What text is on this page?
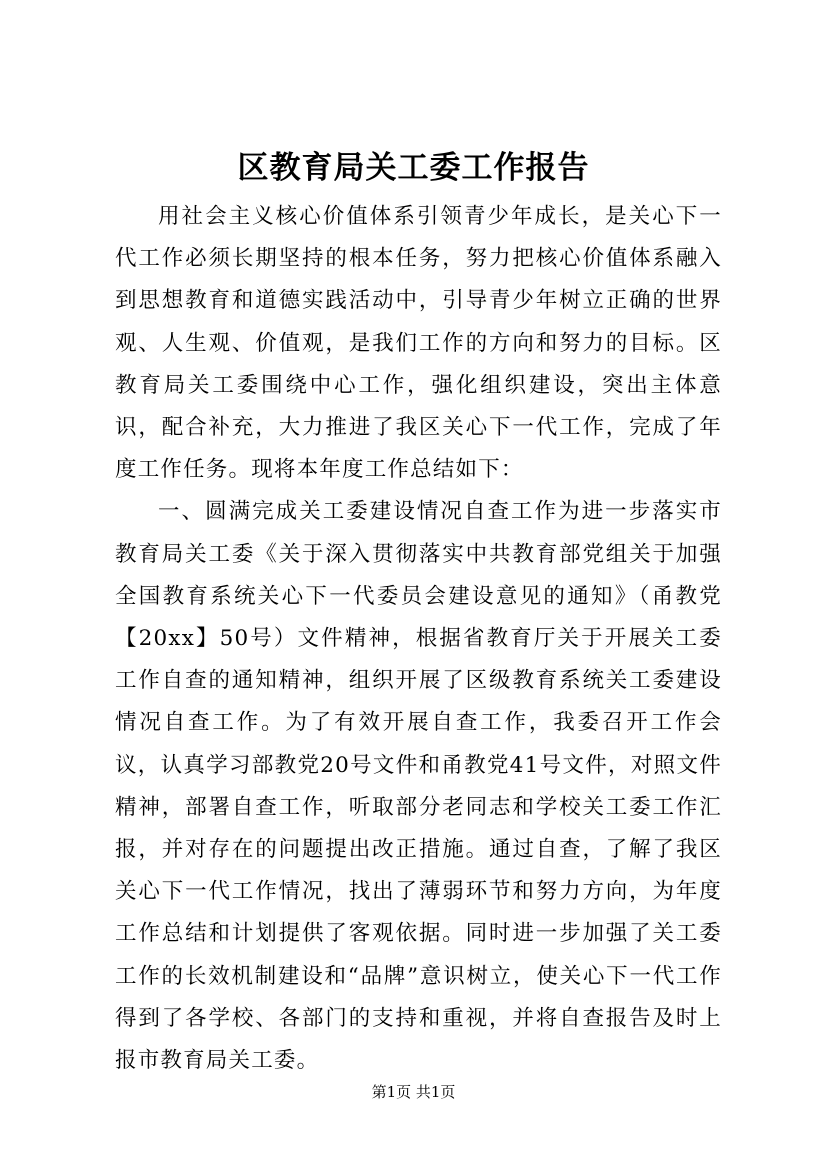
区教育局关工委工作报告

用社会主义核心价值体系引领青少年成长，是关心下一代工作必须长期坚持的根本任务，努力把核心价值体系融入到思想教育和道德实践活动中，引导青少年树立正确的世界观、人生观、价值观，是我们工作的方向和努力的目标。区教育局关工委围绕中心工作，强化组织建设，突出主体意识，配合补充，大力推进了我区关心下一代工作，完成了年度工作任务。现将本年度工作总结如下：

一、圆满完成关工委建设情况自查工作为进一步落实市教育局关工委《关于深入贯彻落实中共教育部党组关于加强全国教育系统关心下一代委员会建设意见的通知》（甬教党【20xx】50号）文件精神，根据省教育厅关于开展关工委工作自查的通知精神，组织开展了区级教育系统关工委建设情况自查工作。为了有效开展自查工作，我委召开工作会议，认真学习部教党20号文件和甬教党41号文件，对照文件精神，部署自查工作，听取部分老同志和学校关工委工作汇报，并对存在的问题提出改正措施。通过自查，了解了我区关心下一代工作情况，找出了薄弱环节和努力方向，为年度工作总结和计划提供了客观依据。同时进一步加强了关工委工作的长效机制建设和“品牌”意识树立，使关心下一代工作得到了各学校、各部门的支持和重视，并将自查报告及时上报市教育局关工委。

第1页 共1页
